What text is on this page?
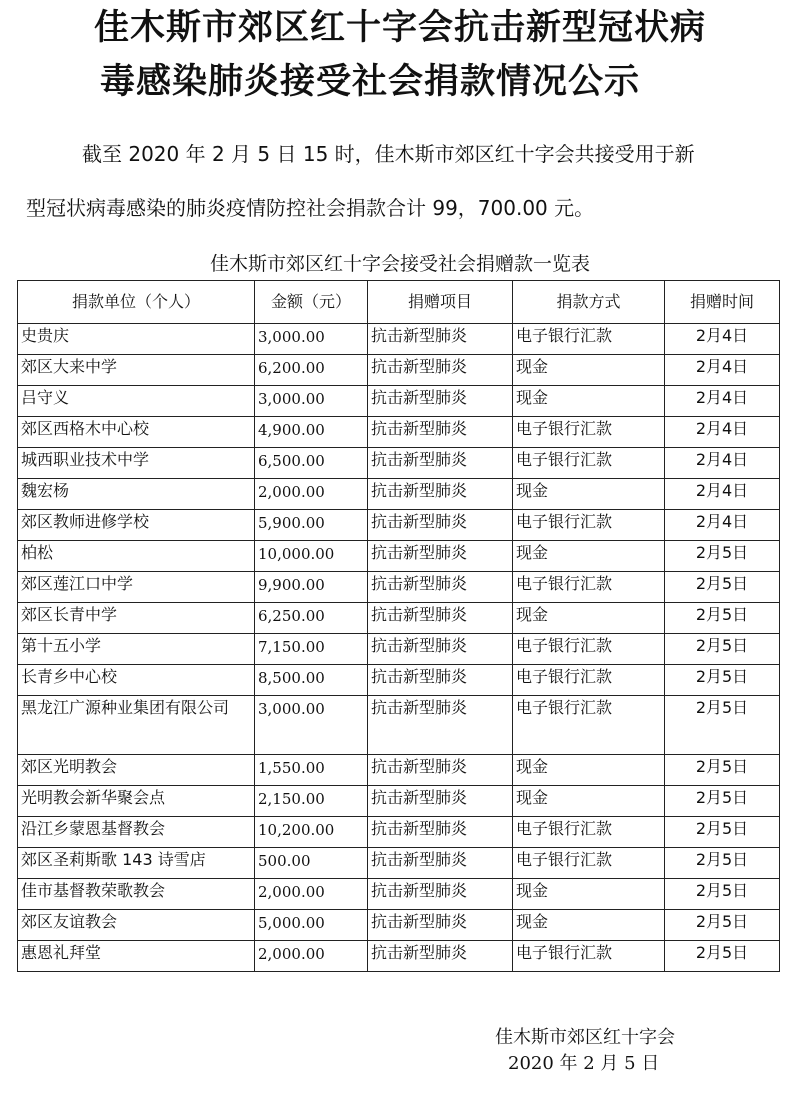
佳木斯市郊区红十字会抗击新型冠状病
毒感染肺炎接受社会捐款情况公示
截至 2020 年 2 月 5 日 15 时，佳木斯市郊区红十字会共接受用于新
型冠状病毒感染的肺炎疫情防控社会捐款合计 99，700.00 元。
佳木斯市郊区红十字会接受社会捐赠款一览表
捐款单位（个人）	金额（元）	捐赠项目	捐款方式	捐赠时间
史贵庆	3,000.00	抗击新型肺炎	电子银行汇款	2月4日
郊区大来中学	6,200.00	抗击新型肺炎	现金	2月4日
吕守义	3,000.00	抗击新型肺炎	现金	2月4日
郊区西格木中心校	4,900.00	抗击新型肺炎	电子银行汇款	2月4日
城西职业技术中学	6,500.00	抗击新型肺炎	电子银行汇款	2月4日
魏宏杨	2,000.00	抗击新型肺炎	现金	2月4日
郊区教师进修学校	5,900.00	抗击新型肺炎	电子银行汇款	2月4日
柏松	10,000.00	抗击新型肺炎	现金	2月5日
郊区莲江口中学	9,900.00	抗击新型肺炎	电子银行汇款	2月5日
郊区长青中学	6,250.00	抗击新型肺炎	现金	2月5日
第十五小学	7,150.00	抗击新型肺炎	电子银行汇款	2月5日
长青乡中心校	8,500.00	抗击新型肺炎	电子银行汇款	2月5日
黑龙江广源种业集团有限公司	3,000.00	抗击新型肺炎	电子银行汇款	2月5日
郊区光明教会	1,550.00	抗击新型肺炎	现金	2月5日
光明教会新华聚会点	2,150.00	抗击新型肺炎	现金	2月5日
沿江乡蒙恩基督教会	10,200.00	抗击新型肺炎	电子银行汇款	2月5日
郊区圣莉斯歌 143 诗雪店	500.00	抗击新型肺炎	电子银行汇款	2月5日
佳市基督教荣歌教会	2,000.00	抗击新型肺炎	现金	2月5日
郊区友谊教会	5,000.00	抗击新型肺炎	现金	2月5日
惠恩礼拜堂	2,000.00	抗击新型肺炎	电子银行汇款	2月5日
佳木斯市郊区红十字会
2020 年 2 月 5 日
